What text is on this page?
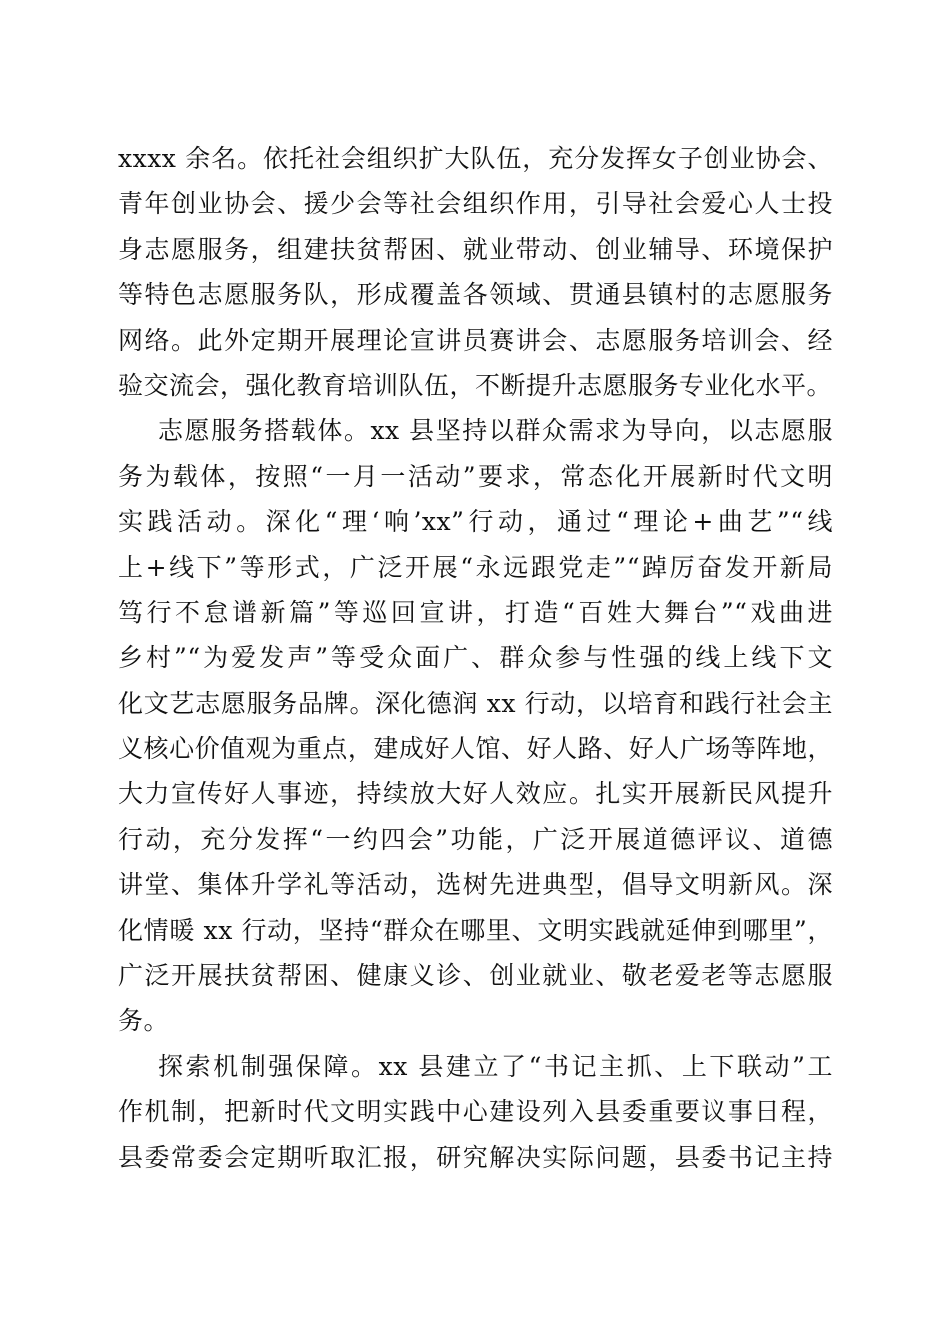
xxxx 余名。依托社会组织扩大队伍，充分发挥女子创业协会、
青年创业协会、援少会等社会组织作用，引导社会爱心人士投
身志愿服务，组建扶贫帮困、就业带动、创业辅导、环境保护
等特色志愿服务队，形成覆盖各领域、贯通县镇村的志愿服务
网络。此外定期开展理论宣讲员赛讲会、志愿服务培训会、经
验交流会，强化教育培训队伍，不断提升志愿服务专业化水平。
志愿服务搭载体。xx 县坚持以群众需求为导向，以志愿服
务为载体，按照“一月一活动”要求，常态化开展新时代文明
实践活动。深化“理‘响’xx”行动，通过“理论+曲艺”“线
上+线下”等形式，广泛开展“永远跟党走”“踔厉奋发开新局
笃行不怠谱新篇”等巡回宣讲，打造“百姓大舞台”“戏曲进
乡村”“为爱发声”等受众面广、群众参与性强的线上线下文
化文艺志愿服务品牌。深化德润 xx 行动，以培育和践行社会主
义核心价值观为重点，建成好人馆、好人路、好人广场等阵地，
大力宣传好人事迹，持续放大好人效应。扎实开展新民风提升
行动，充分发挥“一约四会”功能，广泛开展道德评议、道德
讲堂、集体升学礼等活动，选树先进典型，倡导文明新风。深
化情暖 xx 行动，坚持“群众在哪里、文明实践就延伸到哪里”，
广泛开展扶贫帮困、健康义诊、创业就业、敬老爱老等志愿服
务。
探索机制强保障。xx 县建立了“书记主抓、上下联动”工
作机制，把新时代文明实践中心建设列入县委重要议事日程，
县委常委会定期听取汇报，研究解决实际问题，县委书记主持
